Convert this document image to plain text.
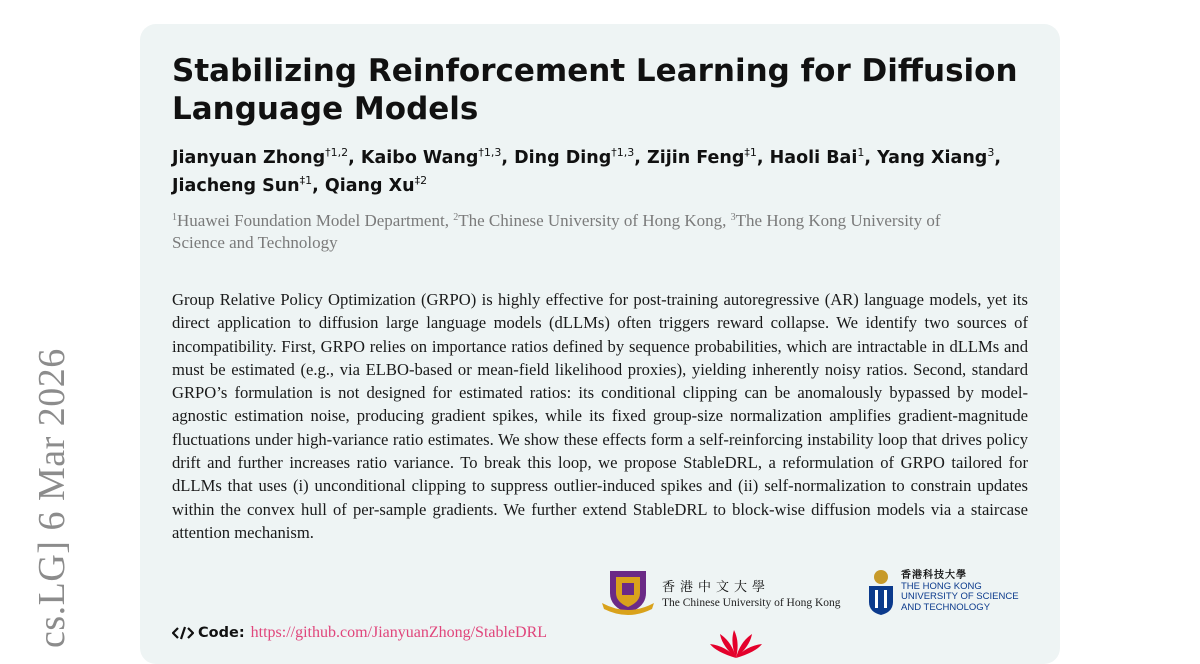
cs.LG] 6 Mar 2026
Stabilizing Reinforcement Learning for Diffusion Language Models
Jianyuan Zhong$^{\dagger 1,2}$, Kaibo Wang$^{\dagger 1,3}$, Ding Ding$^{\dagger 1,3}$, Zijin Feng$^{\ddagger 1}$, Haoli Bai$^1$, Yang Xiang$^3$, Jiacheng Sun$^{\ddagger 1}$, Qiang Xu$^{\ddagger 2}$
$^1$Huawei Foundation Model Department, $^2$The Chinese University of Hong Kong, $^3$The Hong Kong University of Science and Technology

Group Relative Policy Optimization (GRPO) is highly effective for post-training autoregressive (AR) language models, yet its direct application to diffusion large language models (dLLMs) often triggers reward collapse. We identify two sources of incompatibility. First, GRPO relies on importance ratios defined by sequence probabilities, which are intractable in dLLMs and must be estimated (e.g., via ELBO-based or mean-field likelihood proxies), yielding inherently noisy ratios. Second, standard GRPO’s formulation is not designed for estimated ratios: its conditional clipping can be anomalously bypassed by model-agnostic estimation noise, producing gradient spikes, while its fixed group-size normalization amplifies gradient-magnitude fluctuations under high-variance ratio estimates. We show these effects form a self-reinforcing instability loop that drives policy drift and further increases ratio variance. To break this loop, we propose StableDRL, a reformulation of GRPO tailored for dLLMs that uses (i) unconditional clipping to suppress outlier-induced spikes and (ii) self-normalization to constrain updates within the convex hull of per-sample gradients. We further extend StableDRL to block-wise diffusion models via a staircase attention mechanism.

香港中文大學
The Chinese University of Hong Kong
香港科技大學
THE HONG KONG
UNIVERSITY OF SCIENCE
AND TECHNOLOGY
Code: https://github.com/JianyuanZhong/StableDRL
